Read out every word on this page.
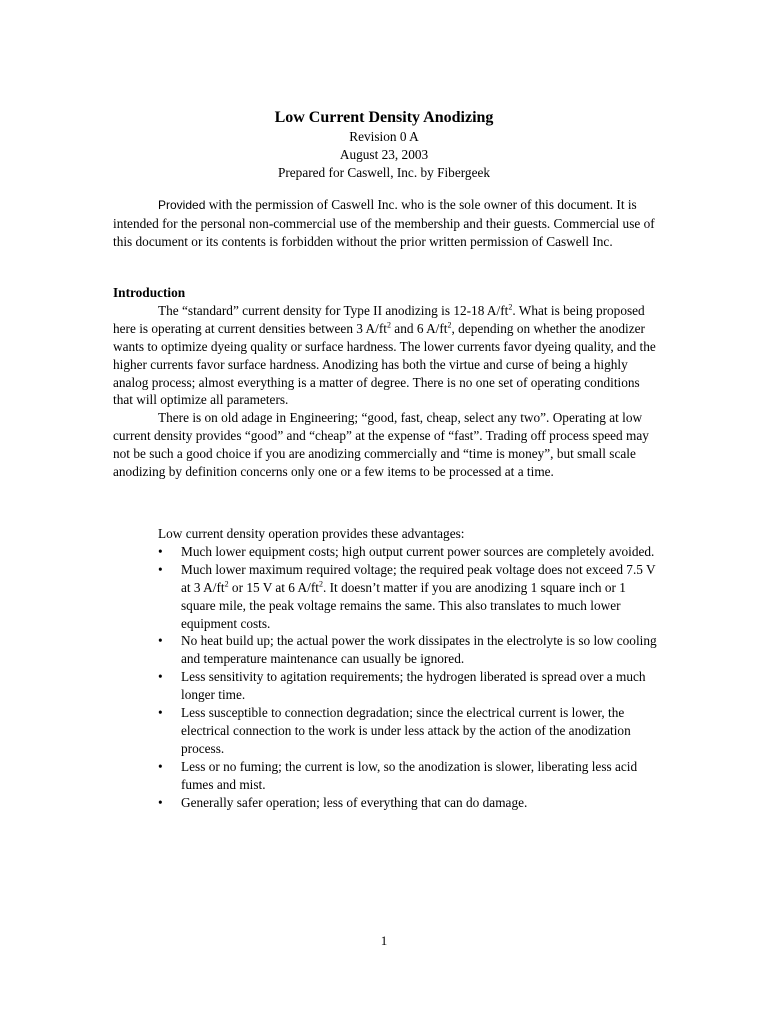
Low Current Density Anodizing
Revision 0 A
August 23, 2003
Prepared for Caswell, Inc. by Fibergeek

Provided with the permission of Caswell Inc. who is the sole owner of this document. It is intended for the personal non-commercial use of the membership and their guests. Commercial use of this document or its contents is forbidden without the prior written permission of Caswell Inc.

Introduction

The “standard” current density for Type II anodizing is 12-18 $A/ft^2$. What is being proposed here is operating at current densities between 3 $A/ft^2$ and 6 $A/ft^2$, depending on whether the anodizer wants to optimize dyeing quality or surface hardness. The lower currents favor dyeing quality, and the higher currents favor surface hardness. Anodizing has both the virtue and curse of being a highly analog process; almost everything is a matter of degree. There is no one set of operating conditions that will optimize all parameters.

There is on old adage in Engineering; “good, fast, cheap, select any two”. Operating at low current density provides “good” and “cheap” at the expense of “fast”. Trading off process speed may not be such a good choice if you are anodizing commercially and “time is money”, but small scale anodizing by definition concerns only one or a few items to be processed at a time.

Low current density operation provides these advantages:

• Much lower equipment costs; high output current power sources are completely avoided.
• Much lower maximum required voltage; the required peak voltage does not exceed 7.5 V at 3 $A/ft^2$ or 15 V at 6 $A/ft^2$. It doesn’t matter if you are anodizing 1 square inch or 1 square mile, the peak voltage remains the same. This also translates to much lower equipment costs.
• No heat build up; the actual power the work dissipates in the electrolyte is so low cooling and temperature maintenance can usually be ignored.
• Less sensitivity to agitation requirements; the hydrogen liberated is spread over a much longer time.
• Less susceptible to connection degradation; since the electrical current is lower, the electrical connection to the work is under less attack by the action of the anodization process.
• Less or no fuming; the current is low, so the anodization is slower, liberating less acid fumes and mist.
• Generally safer operation; less of everything that can do damage.
1
